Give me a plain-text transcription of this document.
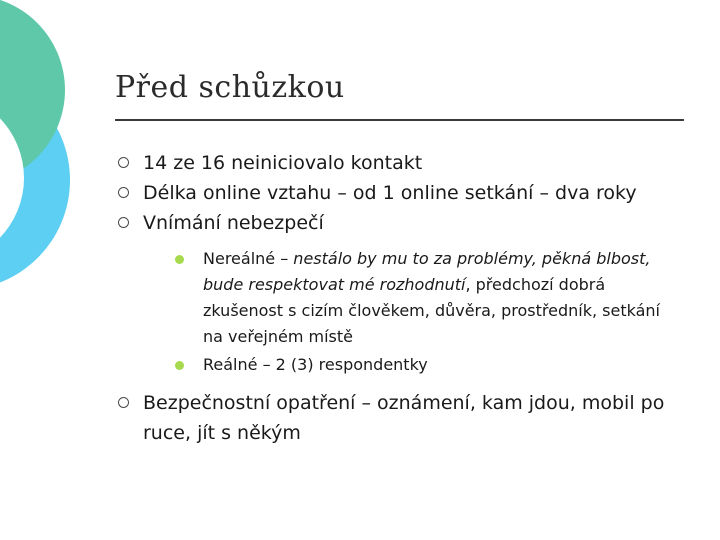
Před schůzkou
14 ze 16 neiniciovalo kontakt
Délka online vztahu – od 1 online setkání – dva roky
Vnímání nebezpečí
Nereálné – nestálo by mu to za problémy, pěkná blbost, bude respektovat mé rozhodnutí, předchozí dobrá zkušenost s cizím člověkem, důvěra, prostředník, setkání na veřejném místě
Reálné – 2 (3) respondentky
Bezpečnostní opatření – oznámení, kam jdou, mobil po ruce, jít s někým
